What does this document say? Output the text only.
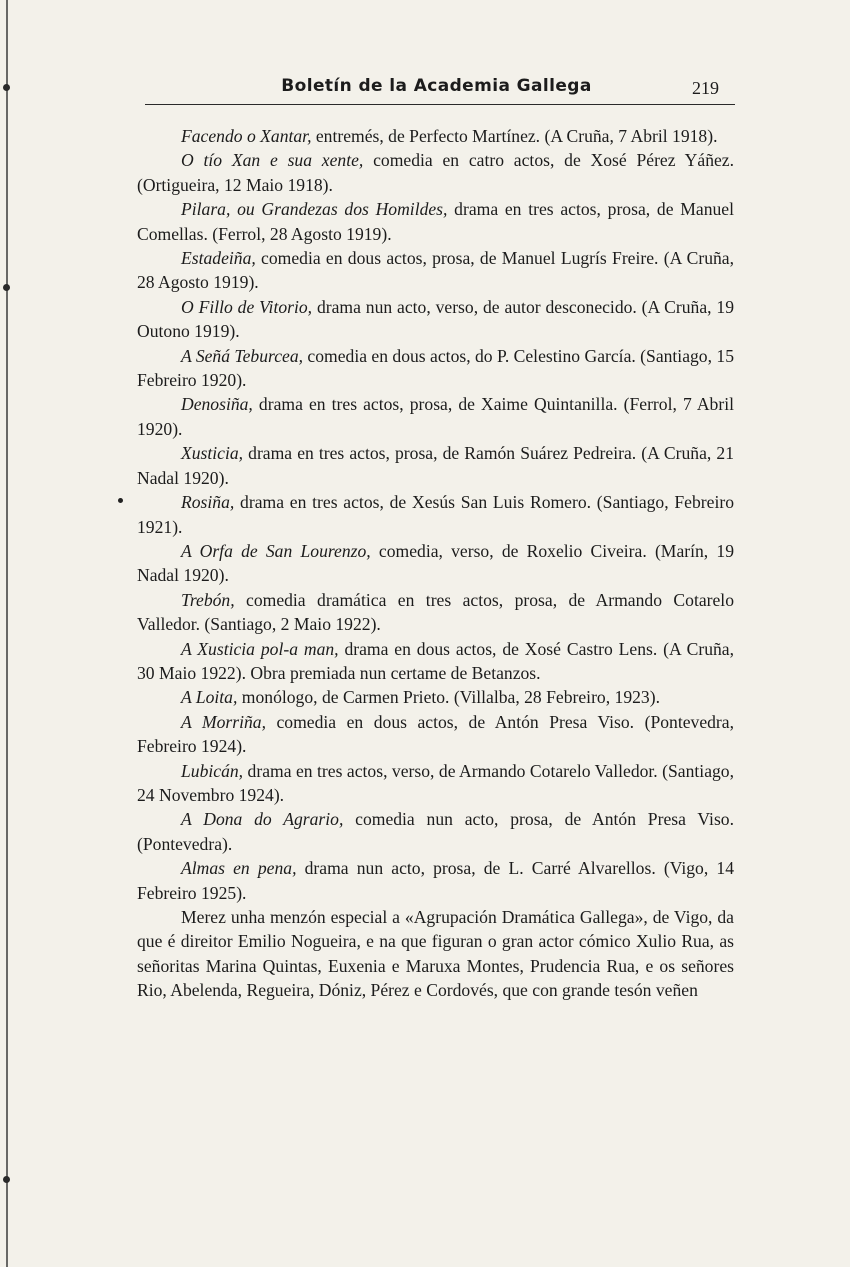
Boletín de la Academia Gallega	219

Facendo o Xantar, entremés, de Perfecto Martínez. (A Cruña, 7 Abril 1918).

O tío Xan e sua xente, comedia en catro actos, de Xosé Pérez Yáñez. (Ortigueira, 12 Maio 1918).

Pilara, ou Grandezas dos Homildes, drama en tres actos, prosa, de Manuel Comellas. (Ferrol, 28 Agosto 1919).

Estadeiña, comedia en dous actos, prosa, de Manuel Lugrís Freire. (A Cruña, 28 Agosto 1919).

O Fillo de Vitorio, drama nun acto, verso, de autor desconecido. (A Cruña, 19 Outono 1919).

A Señá Teburcea, comedia en dous actos, do P. Celestino García. (Santiago, 15 Febreiro 1920).

Denosiña, drama en tres actos, prosa, de Xaime Quintanilla. (Ferrol, 7 Abril 1920).

Xusticia, drama en tres actos, prosa, de Ramón Suárez Pedreira. (A Cruña, 21 Nadal 1920).

Rosiña, drama en tres actos, de Xesús San Luis Romero. (Santiago, Febreiro 1921).

A Orfa de San Lourenzo, comedia, verso, de Roxelio Civeira. (Marín, 19 Nadal 1920).

Trebón, comedia dramática en tres actos, prosa, de Armando Cotarelo Valledor. (Santiago, 2 Maio 1922).

A Xusticia pol-a man, drama en dous actos, de Xosé Castro Lens. (A Cruña, 30 Maio 1922). Obra premiada nun certame de Betanzos.

A Loita, monólogo, de Carmen Prieto. (Villalba, 28 Febreiro, 1923).

A Morriña, comedia en dous actos, de Antón Presa Viso. (Pontevedra, Febreiro 1924).

Lubicán, drama en tres actos, verso, de Armando Cotarelo Valledor. (Santiago, 24 Novembro 1924).

A Dona do Agrario, comedia nun acto, prosa, de Antón Presa Viso. (Pontevedra).

Almas en pena, drama nun acto, prosa, de L. Carré Alvarellos. (Vigo, 14 Febreiro 1925).

Merez unha menzón especial a «Agrupación Dramática Gallega», de Vigo, da que é direitor Emilio Nogueira, e na que figuran o gran actor cómico Xulio Rua, as señoritas Marina Quintas, Euxenia e Maruxa Montes, Prudencia Rua, e os señores Rio, Abelenda, Regueira, Dóniz, Pérez e Cordovés, que con grande tesón veñen
